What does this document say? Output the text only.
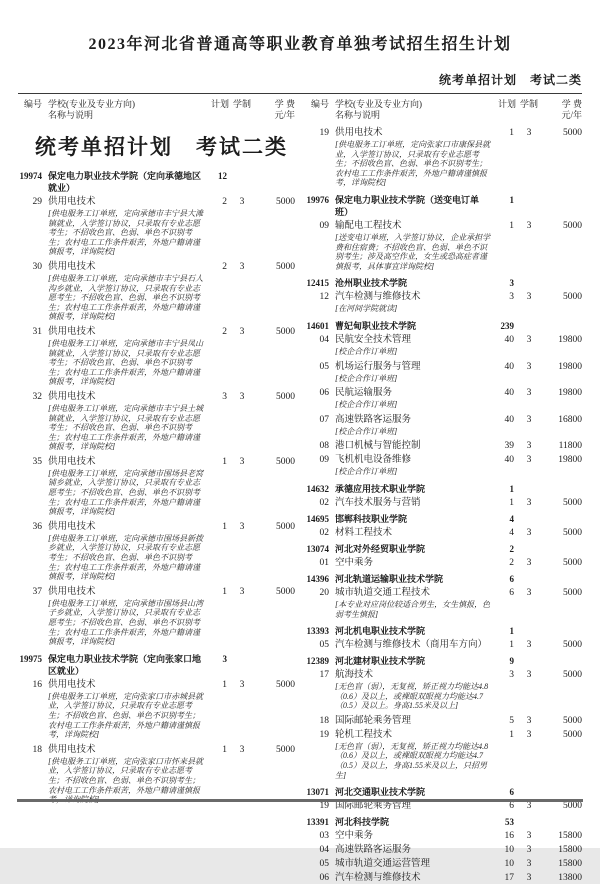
2023年河北省普通高等职业教育单独考试招生招生计划
统考单招计划　考试二类
编号 学校(专业及专业方向)
名称与说明
计划 学制	学 费
元/年
编号 学校(专业及专业方向)
名称与说明
计划 学制	学 费
元/年
统考单招计划　考试二类
19974 保定电力职业技术学院（定向承德地区就业）
12
29 供用电技术
[供电服务工订单班，定向承德市丰宁县大滩镇就业，入学签订协议，只录取有专业志愿考生；不招收色盲、色弱、单色不识别考生；农村电工工作条件艰苦，外地户籍请谨慎报考，详询院校]
2	3	5000
30 供用电技术
[供电服务工订单班，定向承德市丰宁县石人沟乡就业，入学签订协议，只录取有专业志愿考生；不招收色盲、色弱、单色不识别考生；农村电工工作条件艰苦，外地户籍请谨慎报考，详询院校]
2	3	5000
31 供用电技术
[供电服务工订单班，定向承德市丰宁县凤山镇就业，入学签订协议，只录取有专业志愿考生；不招收色盲、色弱、单色不识别考生；农村电工工作条件艰苦，外地户籍请谨慎报考，详询院校]
2	3	5000
32 供用电技术
[供电服务工订单班，定向承德市丰宁县土城镇就业，入学签订协议，只录取有专业志愿考生；不招收色盲、色弱、单色不识别考生；农村电工工作条件艰苦，外地户籍请谨慎报考，详询院校]
3	3	5000
35 供用电技术
[供电服务工订单班，定向承德市围场县老窝铺乡就业，入学签订协议，只录取有专业志愿考生；不招收色盲、色弱、单色不识别考生；农村电工工作条件艰苦，外地户籍请谨慎报考，详询院校]
1	3	5000
36 供用电技术
[供电服务工订单班，定向承德市围场县新拨乡就业，入学签订协议，只录取有专业志愿考生；不招收色盲、色弱、单色不识别考生；农村电工工作条件艰苦，外地户籍请谨慎报考，详询院校]
1	3	5000
37 供用电技术
[供电服务工订单班，定向承德市围场县山湾子乡就业，入学签订协议，只录取有专业志愿考生；不招收色盲、色弱、单色不识别考生；农村电工工作条件艰苦，外地户籍请谨慎报考，详询院校]
1	3	5000
19975 保定电力职业技术学院（定向张家口地区就业）
3
16 供用电技术
[供电服务工订单班，定向张家口市赤城县就业，入学签订协议，只录取有专业志愿考生；不招收色盲、色弱、单色不识别考生；农村电工工作条件艰苦，外地户籍请谨慎报考，详询院校]
1	3	5000
18 供用电技术
[供电服务工订单班，定向张家口市怀来县就业，入学签订协议，只录取有专业志愿考生；不招收色盲、色弱、单色不识别考生；农村电工工作条件艰苦，外地户籍请谨慎报考，详询院校]
1	3	5000
19 供用电技术
[供电服务工订单班，定向张家口市康保县就业，入学签订协议，只录取有专业志愿考生；不招收色盲、色弱、单色不识别考生；农村电工工作条件艰苦，外地户籍请谨慎报考，详询院校]
1	3	5000
19976 保定电力职业技术学院（送变电订单班）
1
09 输配电工程技术
[送变电订单班，入学签订协议，企业承担学费和住宿费；不招收色盲、色弱、单色不识别考生；涉及高空作业，女生或恐高症者谨慎报考，具体事宜详询院校]
1	3	5000
12415 沧州职业技术学院	3
12 汽车检测与维修技术
[在河间学院就读]
3	3	5000
14601 曹妃甸职业技术学院	239
04 民航安全技术管理
[校企合作订单班]
40	3	19800
05 机场运行服务与管理
[校企合作订单班]
40	3	19800
06 民航运输服务
[校企合作订单班]
40	3	19800
07 高速铁路客运服务
[校企合作订单班]
40	3	16800
08 港口机械与智能控制	39	3	11800
09 飞机机电设备维修
[校企合作订单班]
40	3	19800
14632 承德应用技术职业学院	1
02 汽车技术服务与营销	1	3	5000
14695 邯郸科技职业学院	4
02 材料工程技术	4	3	5000
13074 河北对外经贸职业学院	2
01 空中乘务	2	3	5000
14396 河北轨道运输职业技术学院	6
20 城市轨道交通工程技术
[本专业对应岗位较适合男生，女生慎报，色弱考生慎报]
6	3	5000
13393 河北机电职业技术学院	1
05 汽车检测与维修技术（商用车方向）	1	3	5000
12389 河北建材职业技术学院	9
17 航海技术
[无色盲（弱），无复视，矫正视力均能达4.8（0.6）及以上，或裸眼双眼视力均能达4.7（0.5）及以上。身高1.55米及以上]
3	3	5000
18 国际邮轮乘务管理	5	3	5000
19 轮机工程技术
[无色盲（弱），无复视，矫正视力均能达4.8（0.6）及以上，或裸眼双眼视力均能达4.7（0.5）及以上，身高1.55米及以上，只招男生]
1	3	5000
13071 河北交通职业技术学院	6
19 国际邮轮乘务管理	6	3	5000
13391 河北科技学院	53
03 空中乘务	16	3	15800
04 高速铁路客运服务	10	3	15800
05 城市轨道交通运营管理	10	3	15800
06 汽车检测与维修技术	17	3	13800
